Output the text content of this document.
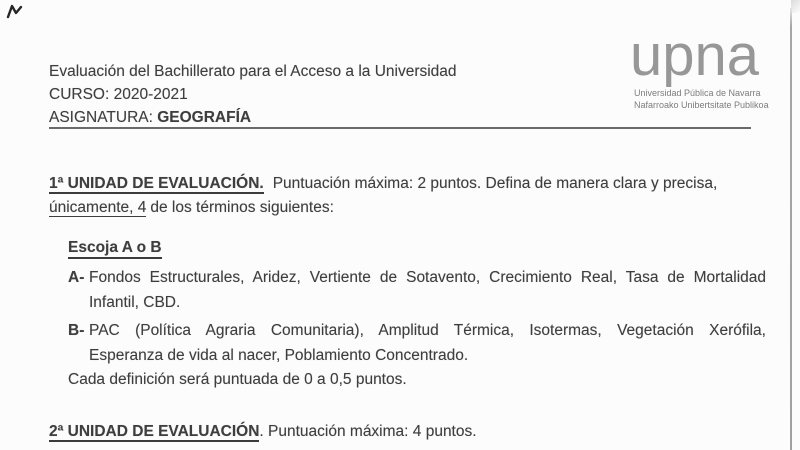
Evaluación del Bachillerato para el Acceso a la Universidad
CURSO: 2020-2021
ASIGNATURA: GEOGRAFÍA
upna
Universidad Pública de Navarra
Nafarroako Unibertsitate Publikoa
1ª UNIDAD DE EVALUACIÓN. Puntuación máxima: 2 puntos. Defina de manera clara y precisa,
únicamente, 4 de los términos siguientes:
Escoja A o B
A- Fondos Estructurales, Aridez, Vertiente de Sotavento, Crecimiento Real, Tasa de Mortalidad
Infantil, CBD.
B- PAC (Política Agraria Comunitaria), Amplitud Térmica, Isotermas, Vegetación Xerófila,
Esperanza de vida al nacer, Poblamiento Concentrado.
Cada definición será puntuada de 0 a 0,5 puntos.
2ª UNIDAD DE EVALUACIÓN. Puntuación máxima: 4 puntos.
